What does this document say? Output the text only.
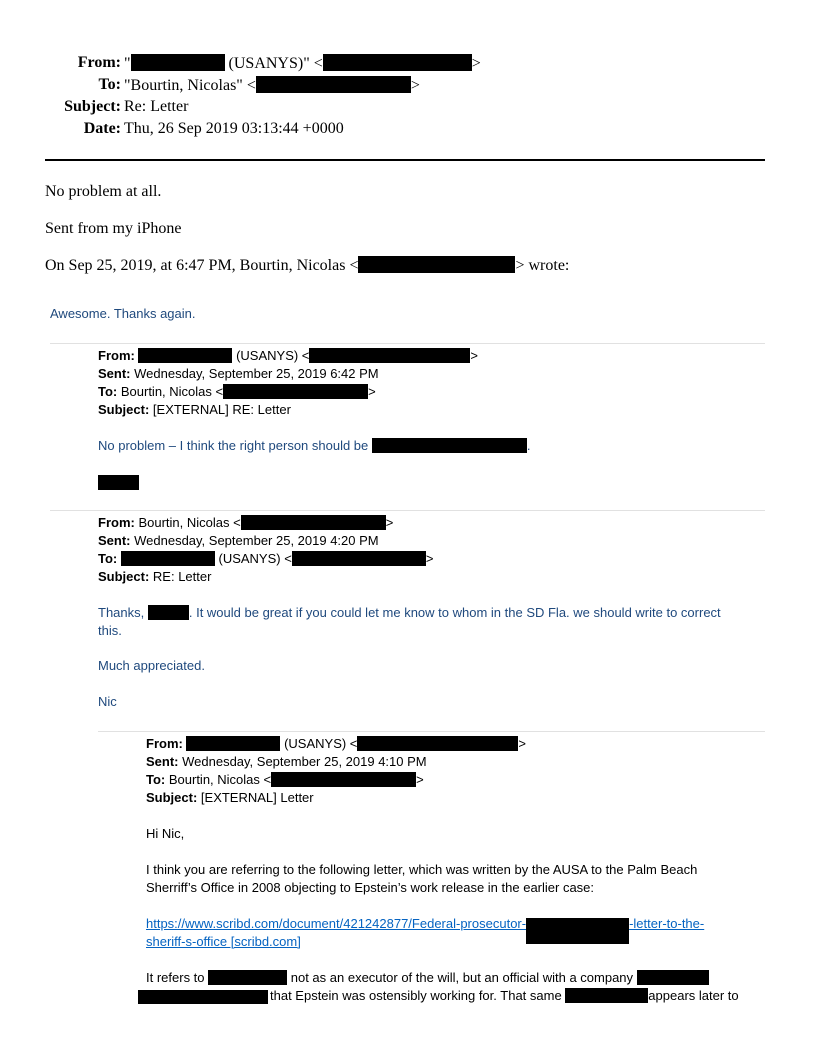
From: "	(USANYS)" <	>
To: "Bourtin, Nicolas" <	>
Subject: Re: Letter
Date: Thu, 26 Sep 2019 03:13:44 +0000
No problem at all.
Sent from my iPhone
On Sep 25, 2019, at 6:47 PM, Bourtin, Nicolas <	> wrote:
Awesome. Thanks again.
From:	(USANYS) <	>
Sent: Wednesday, September 25, 2019 6:42 PM
To: Bourtin, Nicolas <	>
Subject: [EXTERNAL] RE: Letter
No problem – I think the right person should be	.
From: Bourtin, Nicolas <	>
Sent: Wednesday, September 25, 2019 4:20 PM
To:	(USANYS) <	>
Subject: RE: Letter
Thanks,	. It would be great if you could let me know to whom in the SD Fla. we should write to correct
this.
Much appreciated.
Nic
From:	(USANYS) <	>
Sent: Wednesday, September 25, 2019 4:10 PM
To: Bourtin, Nicolas <	>
Subject: [EXTERNAL] Letter
Hi Nic,
I think you are referring to the following letter, which was written by the AUSA to the Palm Beach
Sherriff’s Office in 2008 objecting to Epstein’s work release in the earlier case:
https://www.scribd.com/document/421242877/Federal-prosecutor-	-letter-to-the-
sheriff-s-office [scribd.com]
It refers to	not as an executor of the will, but an official with a company
that Epstein was ostensibly working for. That same	appears later to
